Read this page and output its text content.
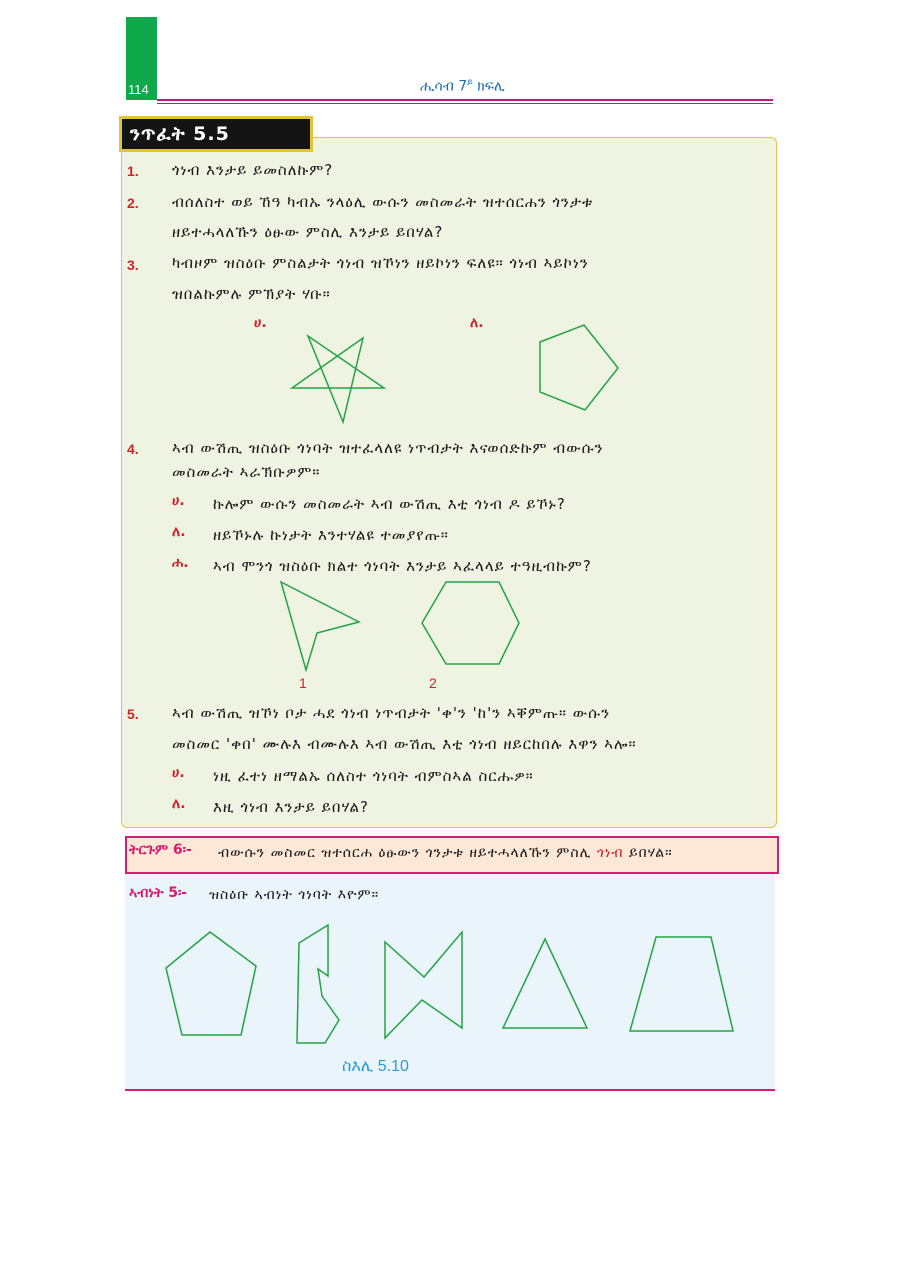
114	ሒሳብ $7^ይ$ ክፍሊ
ንጥፈት 5.5
1. ጎነብ እንታይ ይመስለኩም?
2. ብሰለስተ ወይ ኸዓ ካብኡ ንላዕሊ ውሱን መስመራት ዝተሰርሐን ጎንታቱ
ዘይተሓላለኹን ዕፁው ምስሊ እንታይ ይበሃል?
3. ካብዞም ዝስዕቡ ምስልታት ጎነብ ዝኾነን ዘይኮነን ፍለዩ። ጎነብ ኣይኮነን
ዝበልኩምሉ ምኽያት ሃቡ።
ሀ.	ለ.
4. ኣብ ውሽጢ ዝስዕቡ ጎነባት ዝተፈላለዩ ነጥብታት እናወሰድኩም ብውሱን
መስመራት ኣራኽቡዎም።
ሀ. ኩሎም ውሱን መስመራት ኣብ ውሽጢ እቲ ጎነብ ዶ ይኾኑ?
ለ. ዘይኾኑሉ ኩነታት እንተሃልዩ ተመያየጡ።
ሐ. ኣብ ሞንጎ ዝስዕቡ ክልተ ጎነባት እንታይ ኣፈላላይ ተዓዚብኩም?
1	2
5. ኣብ ውሽጢ ዝኾነ ቦታ ሓደ ጎነብ ነጥብታት 'ቀ'ን 'ከ'ን ኣቐምጡ። ውሱን
መስመር 'ቀበ' ሙሉእ ብሙሉእ ኣብ ውሽጢ እቲ ጎነብ ዘይርከበሉ እዋን ኣሎ።
ሀ. ነዚ ፈተነ ዘማልኡ ሰለስተ ጎነባት ብምስኣል ስርሑዎ።
ለ. እዚ ጎነብ እንታይ ይበሃል?
ትርጉም 6፡- ብውሱን መስመር ዝተሰርሐ ዕፁውን ጎንታቱ ዘይተሓላለኹን ምስሊ ጎነብ ይበሃል።
ኣብነት 5፡- ዝስዕቡ ኣብነት ጎነባት እዮም።
ስእሊ 5.10
